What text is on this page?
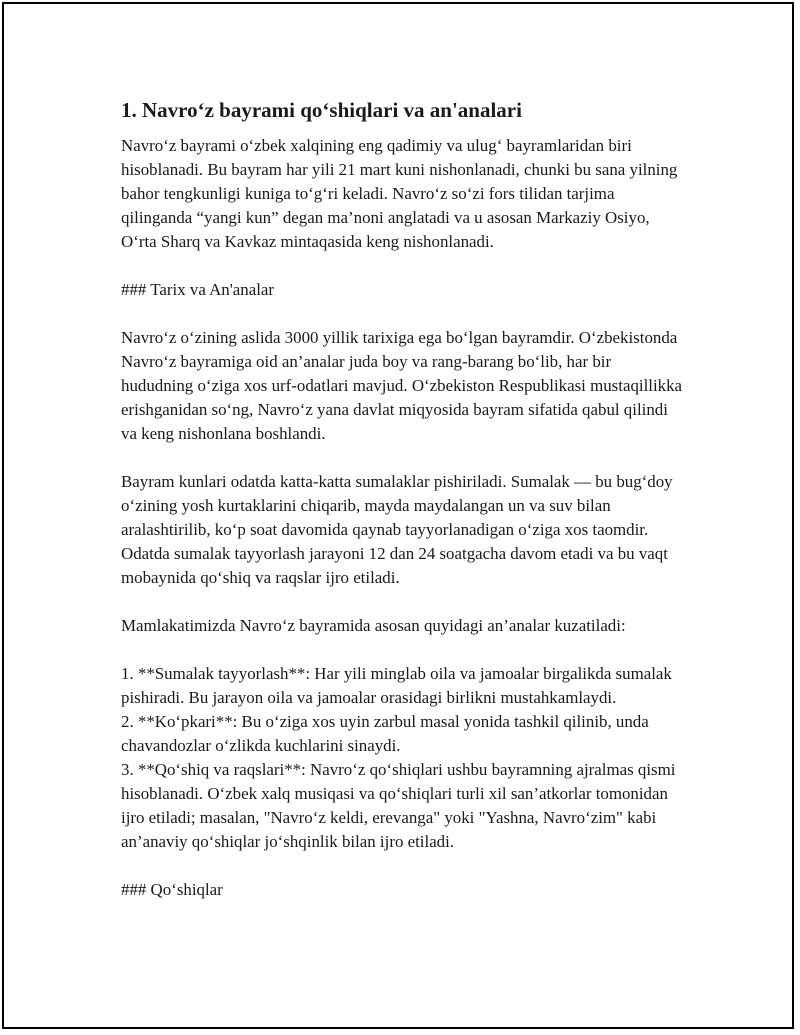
1. Navro‘z bayrami qo‘shiqlari va an'analari

Navro‘z bayrami o‘zbek xalqining eng qadimiy va ulug‘ bayramlaridan biri hisoblanadi. Bu bayram har yili 21 mart kuni nishonlanadi, chunki bu sana yilning bahor tengkunligi kuniga to‘g‘ri keladi. Navro‘z so‘zi fors tilidan tarjima qilinganda “yangi kun” degan ma’noni anglatadi va u asosan Markaziy Osiyo, O‘rta Sharq va Kavkaz mintaqasida keng nishonlanadi.

### Tarix va An'analar

Navro‘z o‘zining aslida 3000 yillik tarixiga ega bo‘lgan bayramdir. O‘zbekistonda Navro‘z bayramiga oid an’analar juda boy va rang-barang bo‘lib, har bir hududning o‘ziga xos urf-odatlari mavjud. O‘zbekiston Respublikasi mustaqillikka erishganidan so‘ng, Navro‘z yana davlat miqyosida bayram sifatida qabul qilindi va keng nishonlana boshlandi.

Bayram kunlari odatda katta-katta sumalaklar pishiriladi. Sumalak — bu bug‘doy o‘zining yosh kurtaklarini chiqarib, mayda maydalangan un va suv bilan aralashtirilib, ko‘p soat davomida qaynab tayyorlanadigan o‘ziga xos taomdir. Odatda sumalak tayyorlash jarayoni 12 dan 24 soatgacha davom etadi va bu vaqt mobaynida qo‘shiq va raqslar ijro etiladi.

Mamlakatimizda Navro‘z bayramida asosan quyidagi an’analar kuzatiladi:

1. **Sumalak tayyorlash**: Har yili minglab oila va jamoalar birgalikda sumalak pishiradi. Bu jarayon oila va jamoalar orasidagi birlikni mustahkamlaydi.

2. **Ko‘pkari**: Bu o‘ziga xos uyin zarbul masal yonida tashkil qilinib, unda chavandozlar o‘zlikda kuchlarini sinaydi.

3. **Qo‘shiq va raqslari**: Navro‘z qo‘shiqlari ushbu bayramning ajralmas qismi hisoblanadi. O‘zbek xalq musiqasi va qo‘shiqlari turli xil san’atkorlar tomonidan ijro etiladi; masalan, "Navro‘z keldi, erevanga" yoki "Yashna, Navro‘zim" kabi an’anaviy qo‘shiqlar jo‘shqinlik bilan ijro etiladi.

### Qo‘shiqlar
